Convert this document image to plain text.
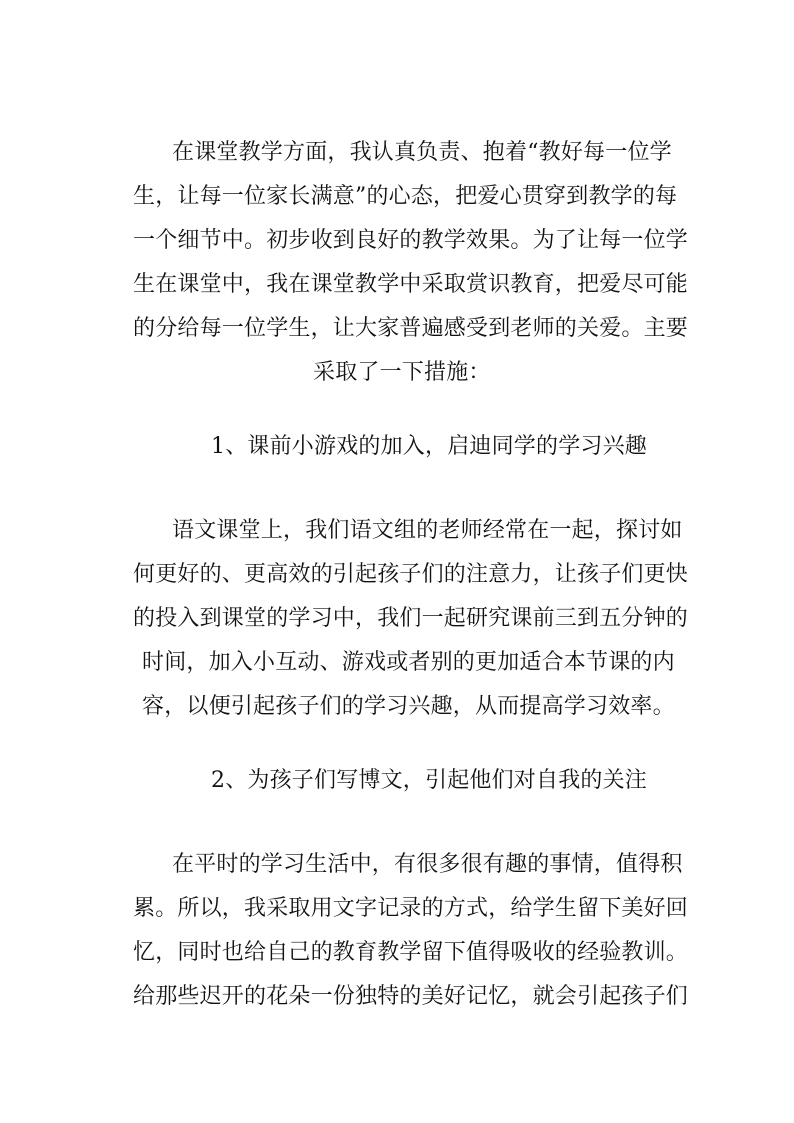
在课堂教学方面，我认真负责、抱着“教好每一位学
生，让每一位家长满意”的心态，把爱心贯穿到教学的每
一个细节中。初步收到良好的教学效果。为了让每一位学
生在课堂中，我在课堂教学中采取赏识教育，把爱尽可能
的分给每一位学生，让大家普遍感受到老师的关爱。主要
采取了一下措施：
1、课前小游戏的加入，启迪同学的学习兴趣
语文课堂上，我们语文组的老师经常在一起，探讨如
何更好的、更高效的引起孩子们的注意力，让孩子们更快
的投入到课堂的学习中，我们一起研究课前三到五分钟的
时间，加入小互动、游戏或者别的更加适合本节课的内
容，以便引起孩子们的学习兴趣，从而提高学习效率。
2、为孩子们写博文，引起他们对自我的关注
在平时的学习生活中，有很多很有趣的事情，值得积
累。所以，我采取用文字记录的方式，给学生留下美好回
忆，同时也给自己的教育教学留下值得吸收的经验教训。
给那些迟开的花朵一份独特的美好记忆，就会引起孩子们
